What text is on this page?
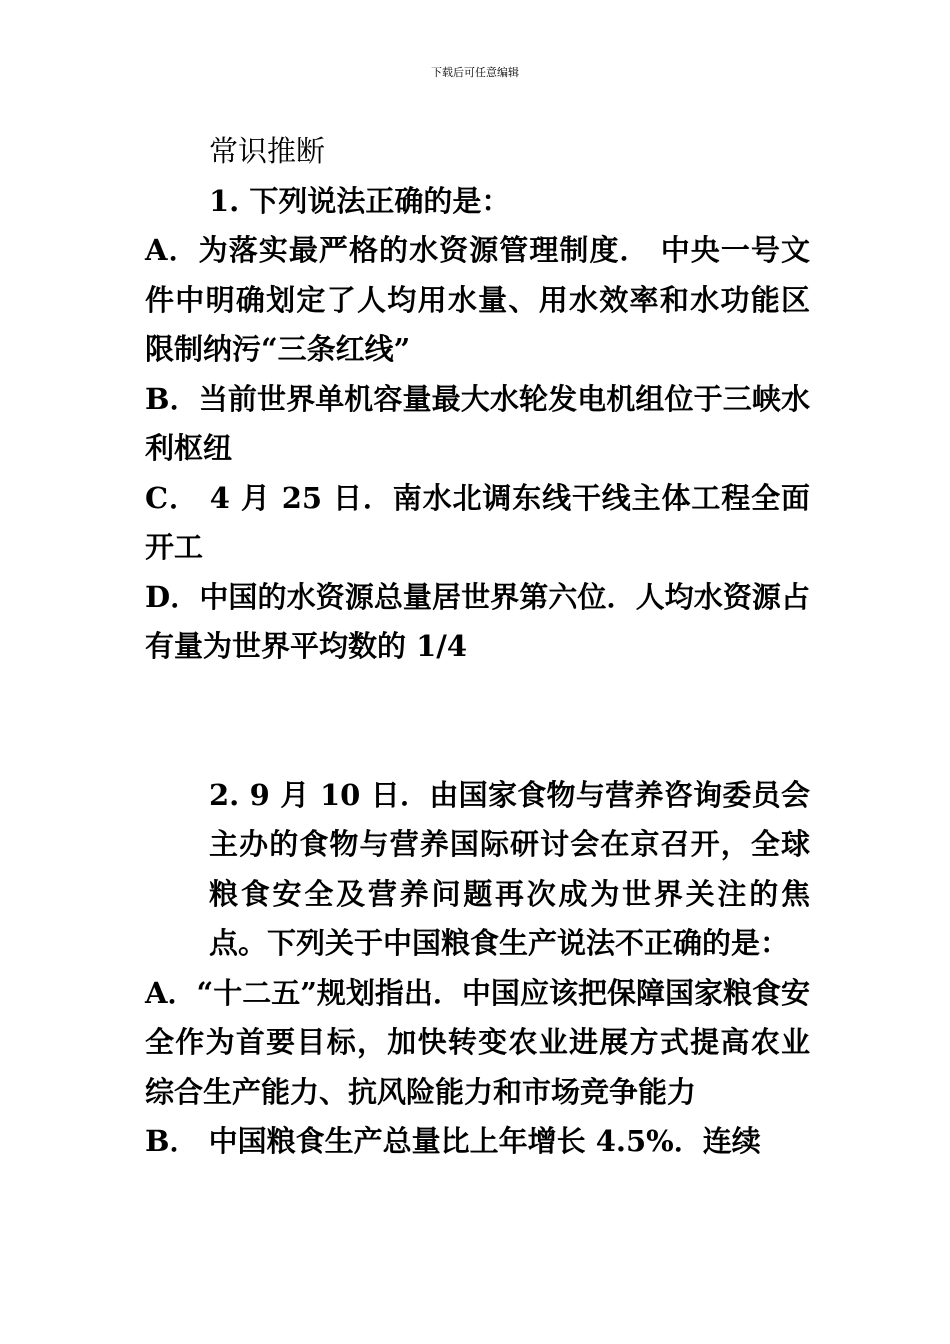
下载后可任意编辑
常识推断
1. 下列说法正确的是：
A．为落实最严格的水资源管理制度． 中央一号文件中明确划定了人均用水量、用水效率和水功能区限制纳污“三条红线”
B．当前世界单机容量最大水轮发电机组位于三峡水利枢纽
C． 4 月 25 日．南水北调东线干线主体工程全面开工
D．中国的水资源总量居世界第六位．人均水资源占有量为世界平均数的 1/4
2. 9 月 10 日．由国家食物与营养咨询委员会主办的食物与营养国际研讨会在京召开，全球粮食安全及营养问题再次成为世界关注的焦点。下列关于中国粮食生产说法不正确的是：
A．“十二五”规划指出．中国应该把保障国家粮食安全作为首要目标，加快转变农业进展方式提高农业综合生产能力、抗风险能力和市场竞争能力
B． 中国粮食生产总量比上年增长 4.5%．连续
